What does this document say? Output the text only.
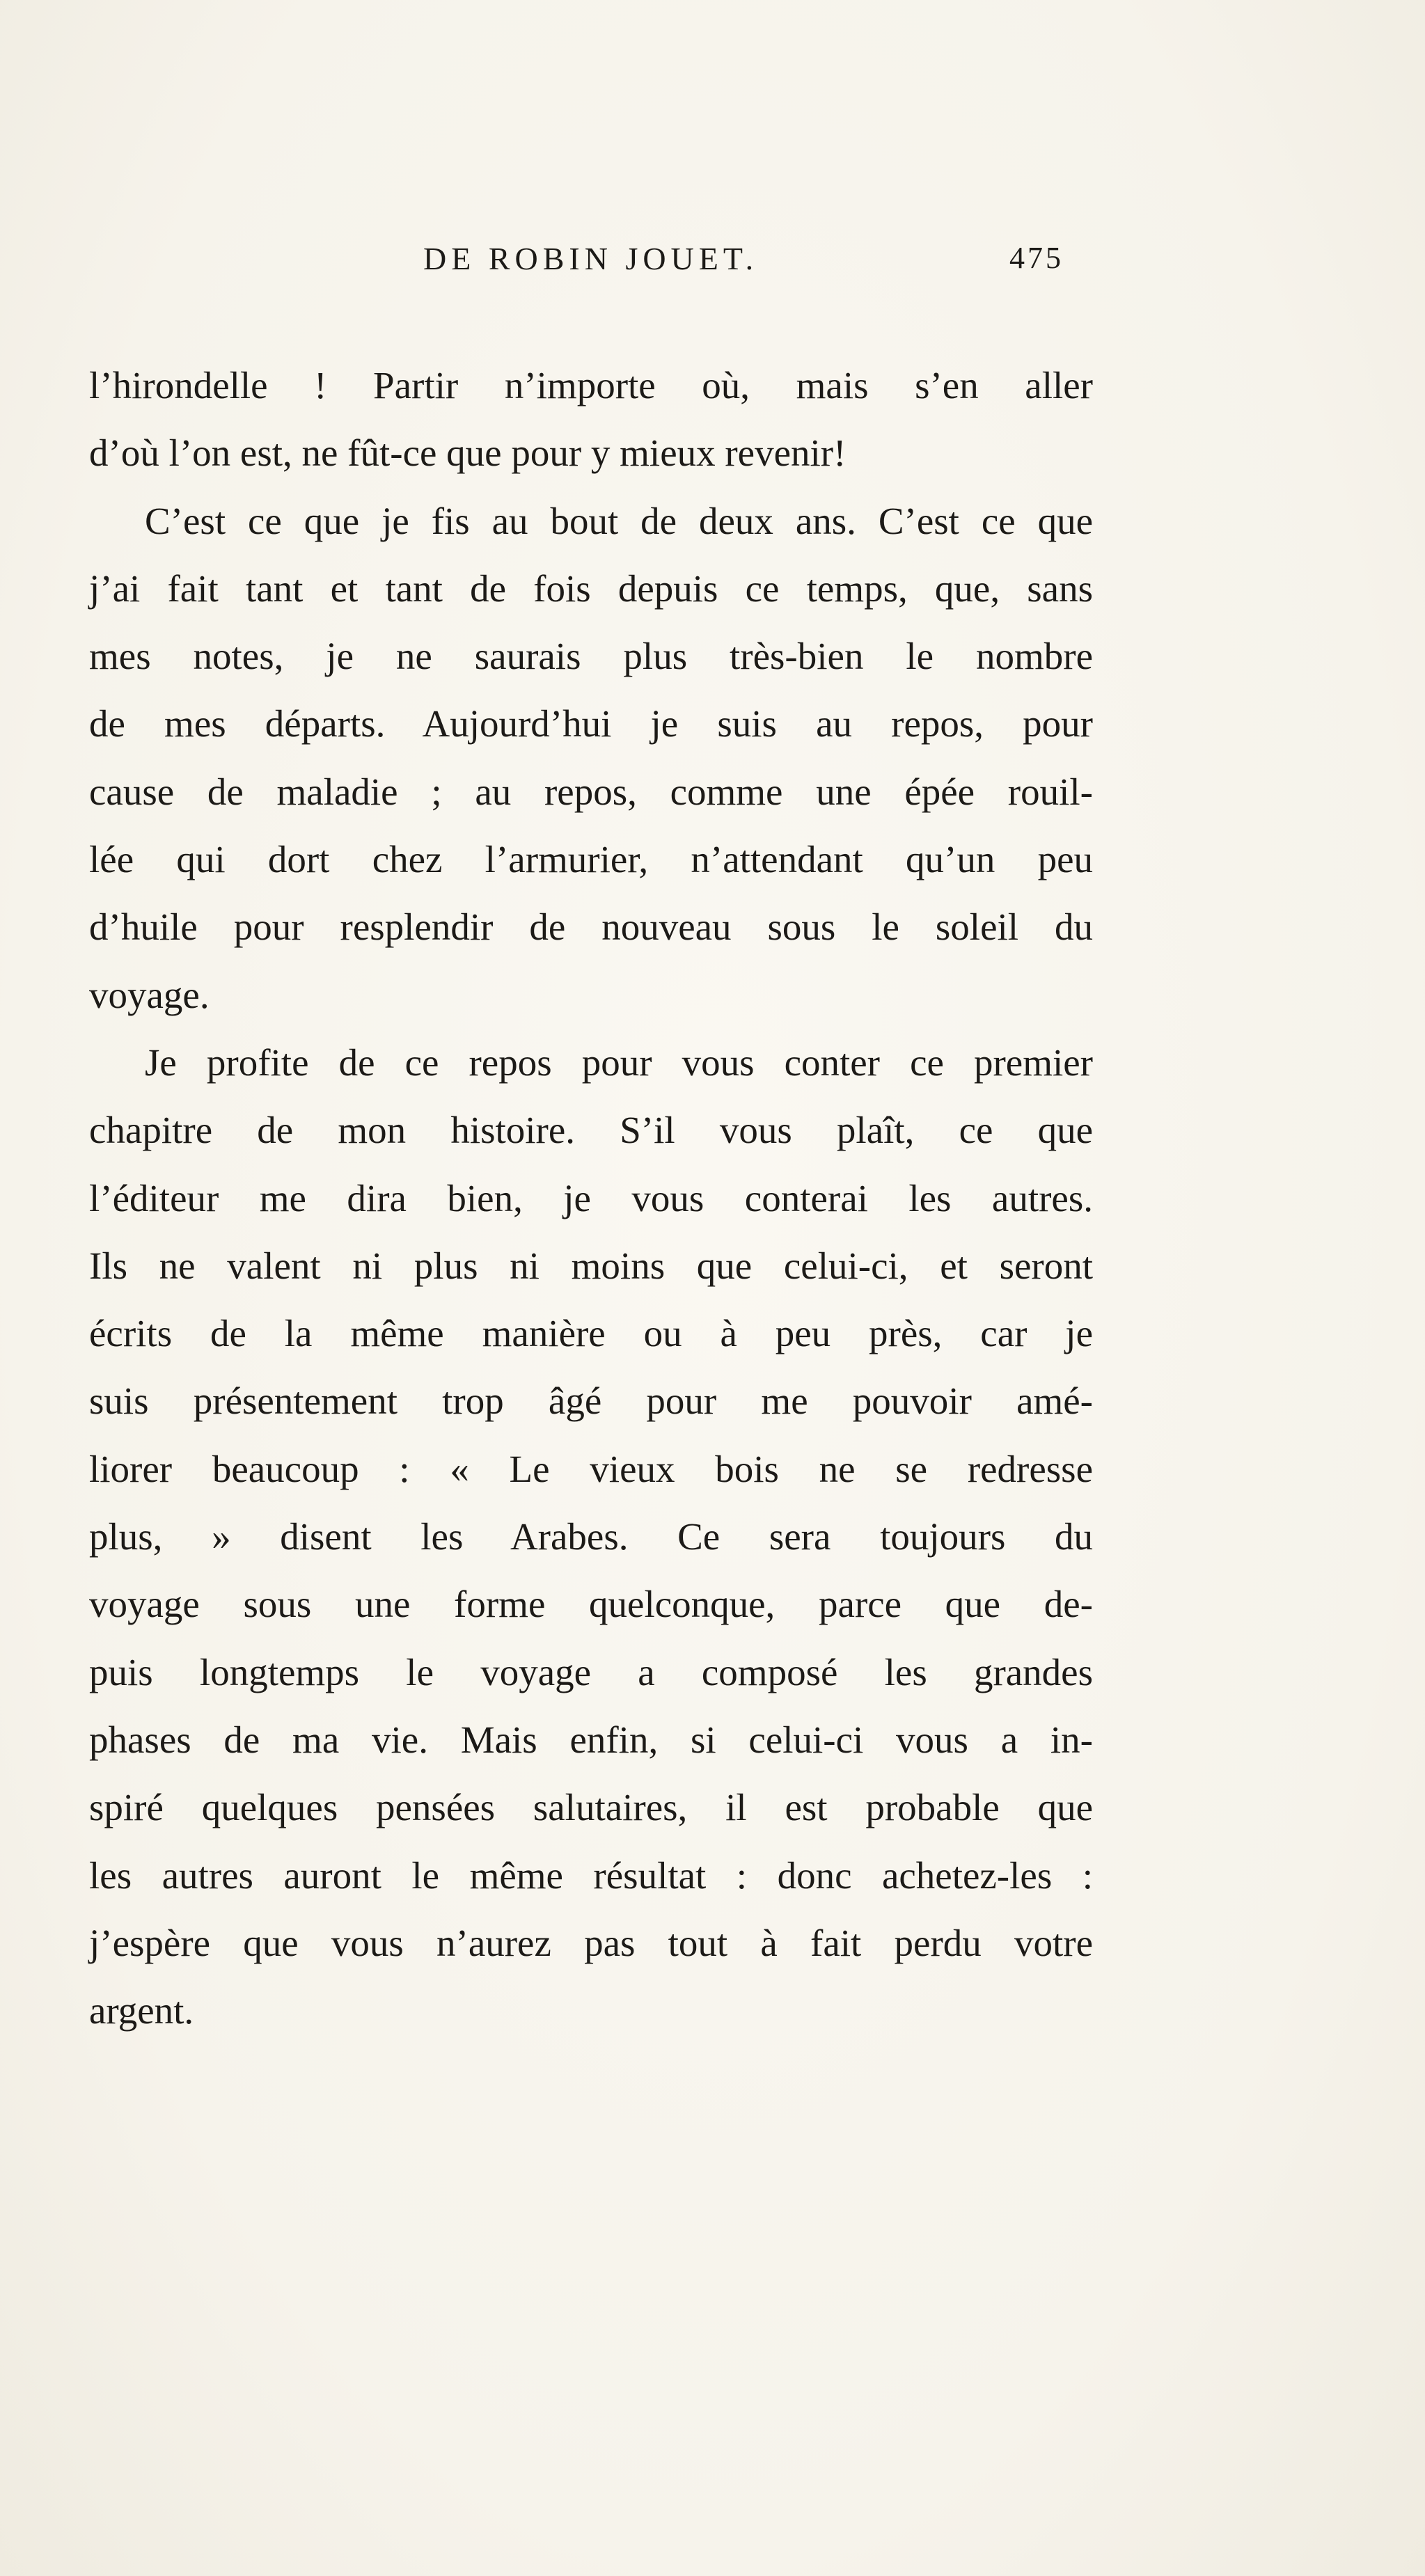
DE ROBIN JOUET.	475
l’hirondelle ! Partir n’importe où, mais s’en aller
d’où l’on est, ne fût-ce que pour y mieux revenir!
C’est ce que je fis au bout de deux ans. C’est ce que
j’ai fait tant et tant de fois depuis ce temps, que, sans
mes notes, je ne saurais plus très-bien le nombre
de mes départs. Aujourd’hui je suis au repos, pour
cause de maladie ; au repos, comme une épée rouil-
lée qui dort chez l’armurier, n’attendant qu’un peu
d’huile pour resplendir de nouveau sous le soleil du
voyage.
Je profite de ce repos pour vous conter ce premier
chapitre de mon histoire. S’il vous plaît, ce que
l’éditeur me dira bien, je vous conterai les autres.
Ils ne valent ni plus ni moins que celui-ci, et seront
écrits de la même manière ou à peu près, car je
suis présentement trop âgé pour me pouvoir amé-
liorer beaucoup : « Le vieux bois ne se redresse
plus, » disent les Arabes. Ce sera toujours du
voyage sous une forme quelconque, parce que de-
puis longtemps le voyage a composé les grandes
phases de ma vie. Mais enfin, si celui-ci vous a in-
spiré quelques pensées salutaires, il est probable que
les autres auront le même résultat : donc achetez-les :
j’espère que vous n’aurez pas tout à fait perdu votre
argent.
